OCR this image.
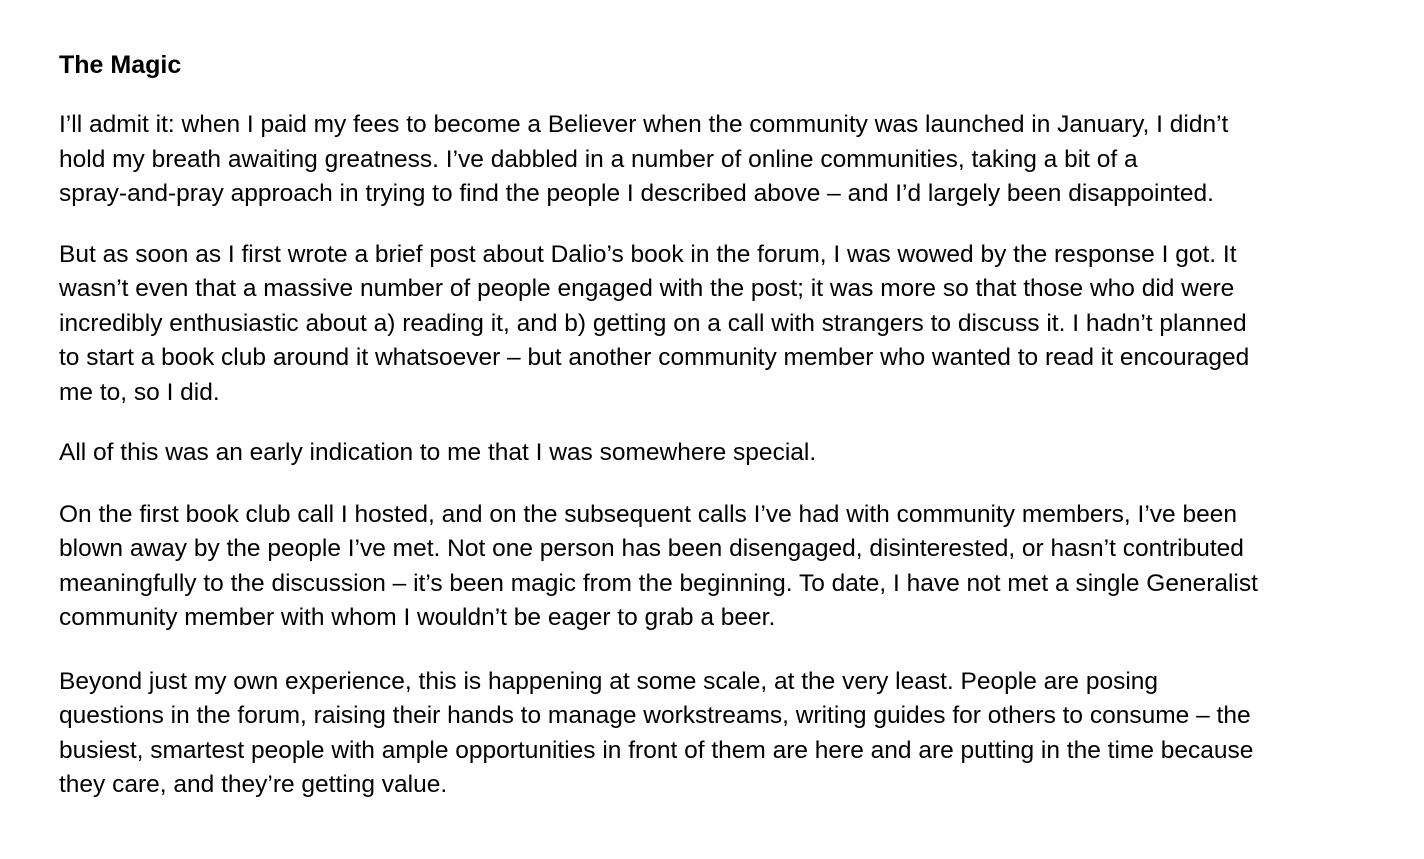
The Magic

I’ll admit it: when I paid my fees to become a Believer when the community was launched in January, I didn’t
hold my breath awaiting greatness. I’ve dabbled in a number of online communities, taking a bit of a
spray-and-pray approach in trying to find the people I described above – and I’d largely been disappointed.

But as soon as I first wrote a brief post about Dalio’s book in the forum, I was wowed by the response I got. It
wasn’t even that a massive number of people engaged with the post; it was more so that those who did were
incredibly enthusiastic about a) reading it, and b) getting on a call with strangers to discuss it. I hadn’t planned
to start a book club around it whatsoever – but another community member who wanted to read it encouraged
me to, so I did.

All of this was an early indication to me that I was somewhere special.

On the first book club call I hosted, and on the subsequent calls I’ve had with community members, I’ve been
blown away by the people I’ve met. Not one person has been disengaged, disinterested, or hasn’t contributed
meaningfully to the discussion – it’s been magic from the beginning. To date, I have not met a single Generalist
community member with whom I wouldn’t be eager to grab a beer.

Beyond just my own experience, this is happening at some scale, at the very least. People are posing
questions in the forum, raising their hands to manage workstreams, writing guides for others to consume – the
busiest, smartest people with ample opportunities in front of them are here and are putting in the time because
they care, and they’re getting value.
